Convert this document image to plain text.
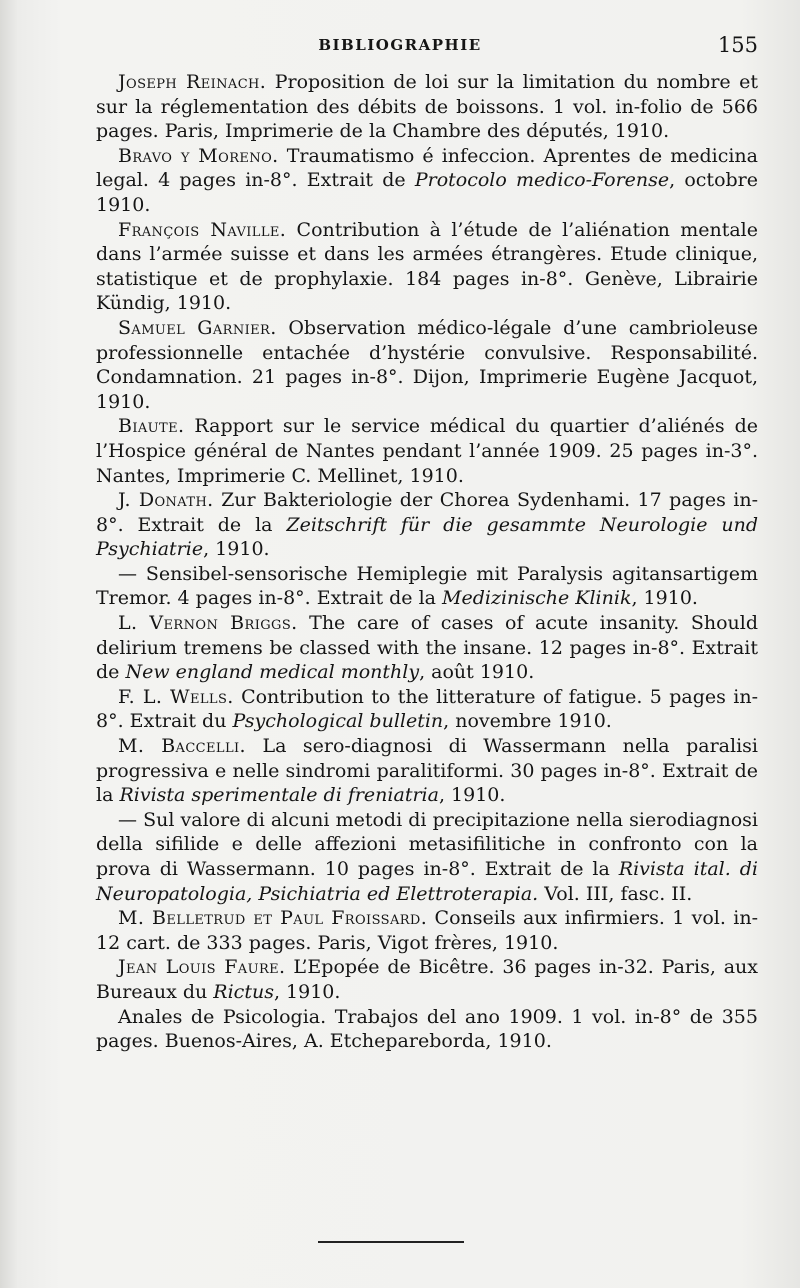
BIBLIOGRAPHIE	155

Joseph Reinach. Proposition de loi sur la limitation du nombre et sur la réglementation des débits de boissons. 1 vol. in-folio de 566 pages. Paris, Imprimerie de la Chambre des députés, 1910.

Bravo y Moreno. Traumatismo é infeccion. Aprentes de medicina legal. 4 pages in-8°. Extrait de Protocolo medico-Forense, octobre 1910.

François Naville. Contribution à l’étude de l’aliénation mentale dans l’armée suisse et dans les armées étrangères. Etude clinique, statistique et de prophylaxie. 184 pages in-8°. Genève, Librairie Kündig, 1910.

Samuel Garnier. Observation médico-légale d’une cambrioleuse professionnelle entachée d’hystérie convulsive. Responsabilité. Condamnation. 21 pages in-8°. Dijon, Imprimerie Eugène Jacquot, 1910.

Biaute. Rapport sur le service médical du quartier d’aliénés de l’Hospice général de Nantes pendant l’année 1909. 25 pages in-3°. Nantes, Imprimerie C. Mellinet, 1910.

J. Donath. Zur Bakteriologie der Chorea Sydenhami. 17 pages in-8°. Extrait de la Zeitschrift für die gesammte Neurologie und Psychiatrie, 1910.

— Sensibel-sensorische Hemiplegie mit Paralysis agitansartigem Tremor. 4 pages in-8°. Extrait de la Medizinische Klinik, 1910.

L. Vernon Briggs. The care of cases of acute insanity. Should delirium tremens be classed with the insane. 12 pages in-8°. Extrait de New england medical monthly, août 1910.

F. L. Wells. Contribution to the litterature of fatigue. 5 pages in-8°. Extrait du Psychological bulletin, novembre 1910.

M. Baccelli. La sero-diagnosi di Wassermann nella paralisi progressiva e nelle sindromi paralitiformi. 30 pages in-8°. Extrait de la Rivista sperimentale di freniatria, 1910.

— Sul valore di alcuni metodi di precipitazione nella sierodiagnosi della sifilide e delle affezioni metasifilitiche in confronto con la prova di Wassermann. 10 pages in-8°. Extrait de la Rivista ital. di Neuropatologia, Psichiatria ed Elettroterapia. Vol. III, fasc. II.

M. Belletrud et Paul Froissard. Conseils aux infirmiers. 1 vol. in-12 cart. de 333 pages. Paris, Vigot frères, 1910.

Jean Louis Faure. L’Epopée de Bicêtre. 36 pages in-32. Paris, aux Bureaux du Rictus, 1910.

Anales de Psicologia. Trabajos del ano 1909. 1 vol. in-8° de 355 pages. Buenos-Aires, A. Etchepareborda, 1910.
